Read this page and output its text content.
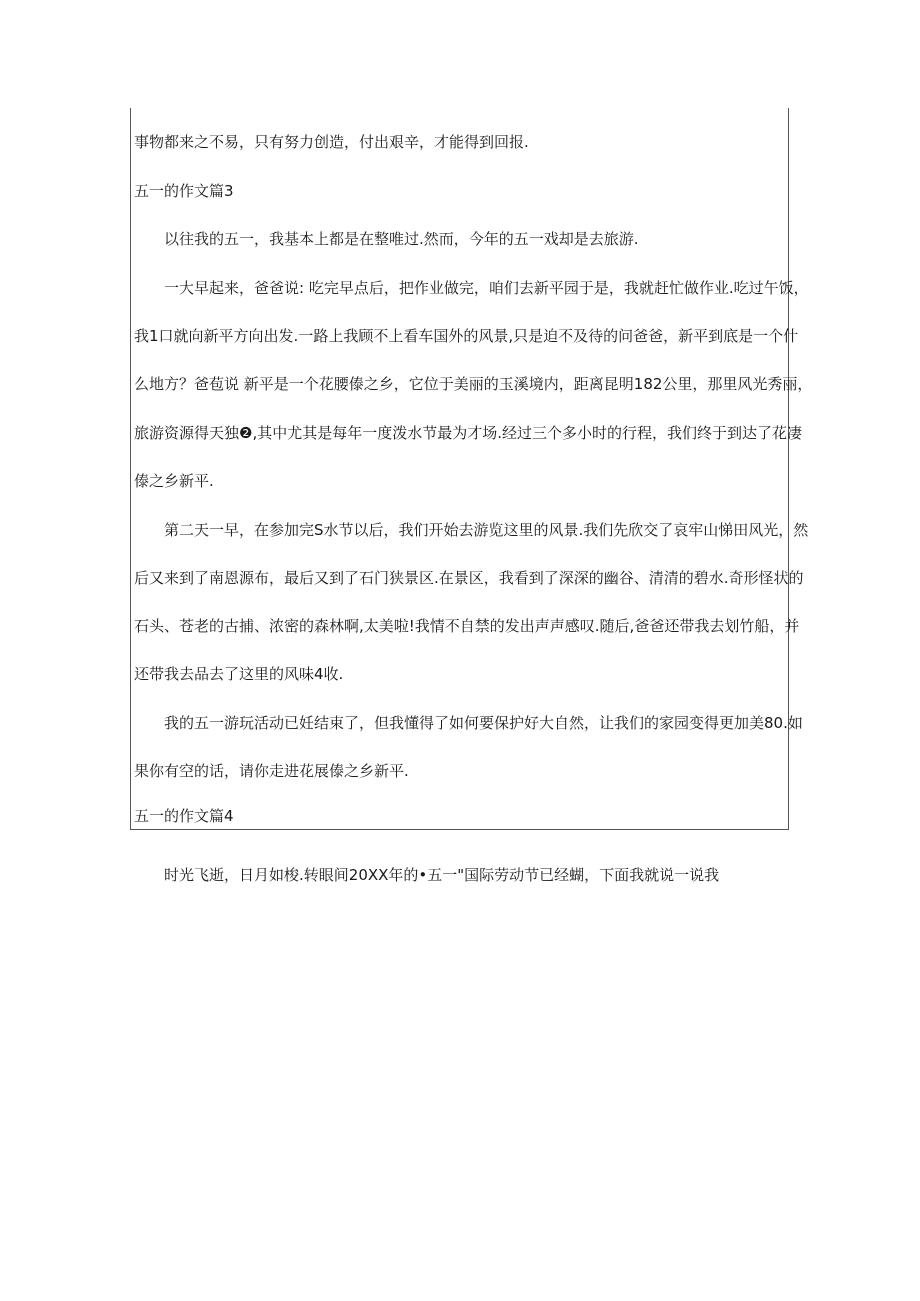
事物都来之不易，只有努力创造，付出艰辛，才能得到回报.
五一的作文篇3
以往我的五一，我基本上都是在整唯过.然而，今年的五一戏却是去旅游.
一大早起来，爸爸说: 吃完早点后，把作业做完，咱们去新平园于是，我就赶忙做作业.吃过午饭，
我1口就向新平方向出发.一路上我顾不上看车国外的风景,只是迫不及待的问爸爸，新平到底是一个什
么地方？爸苞说 新平是一个花腰傣之乡，它位于美丽的玉溪境内，距离昆明182公里，那里风光秀丽，
旅游资源得天独❷,其中尤其是每年一度泼水节最为才场.经过三个多小时的行程，我们终于到达了花凄
傣之乡新平.
第二天一早，在参加完S水节以后，我们开始去游览这里的风景.我们先欣交了哀牢山悌田风光，然
后又来到了南恩源布，最后又到了石门狭景区.在景区，我看到了深深的幽谷、清清的碧水.奇形怪状的
石头、苍老的古捕、浓密的森林啊,太美啦!我情不自禁的发出声声感叹.随后,爸爸还带我去划竹船，并
还带我去品去了这里的风味4收.
我的五一游玩活动已妊结束了，但我懂得了如何要保护好大自然，让我们的家园变得更加美80.如
果你有空的话，请你走进花展傣之乡新平.
五一的作文篇4
时光飞逝，日月如梭.转眼间20XX年的•五一"国际劳动节已经蝴，下面我就说一说我
